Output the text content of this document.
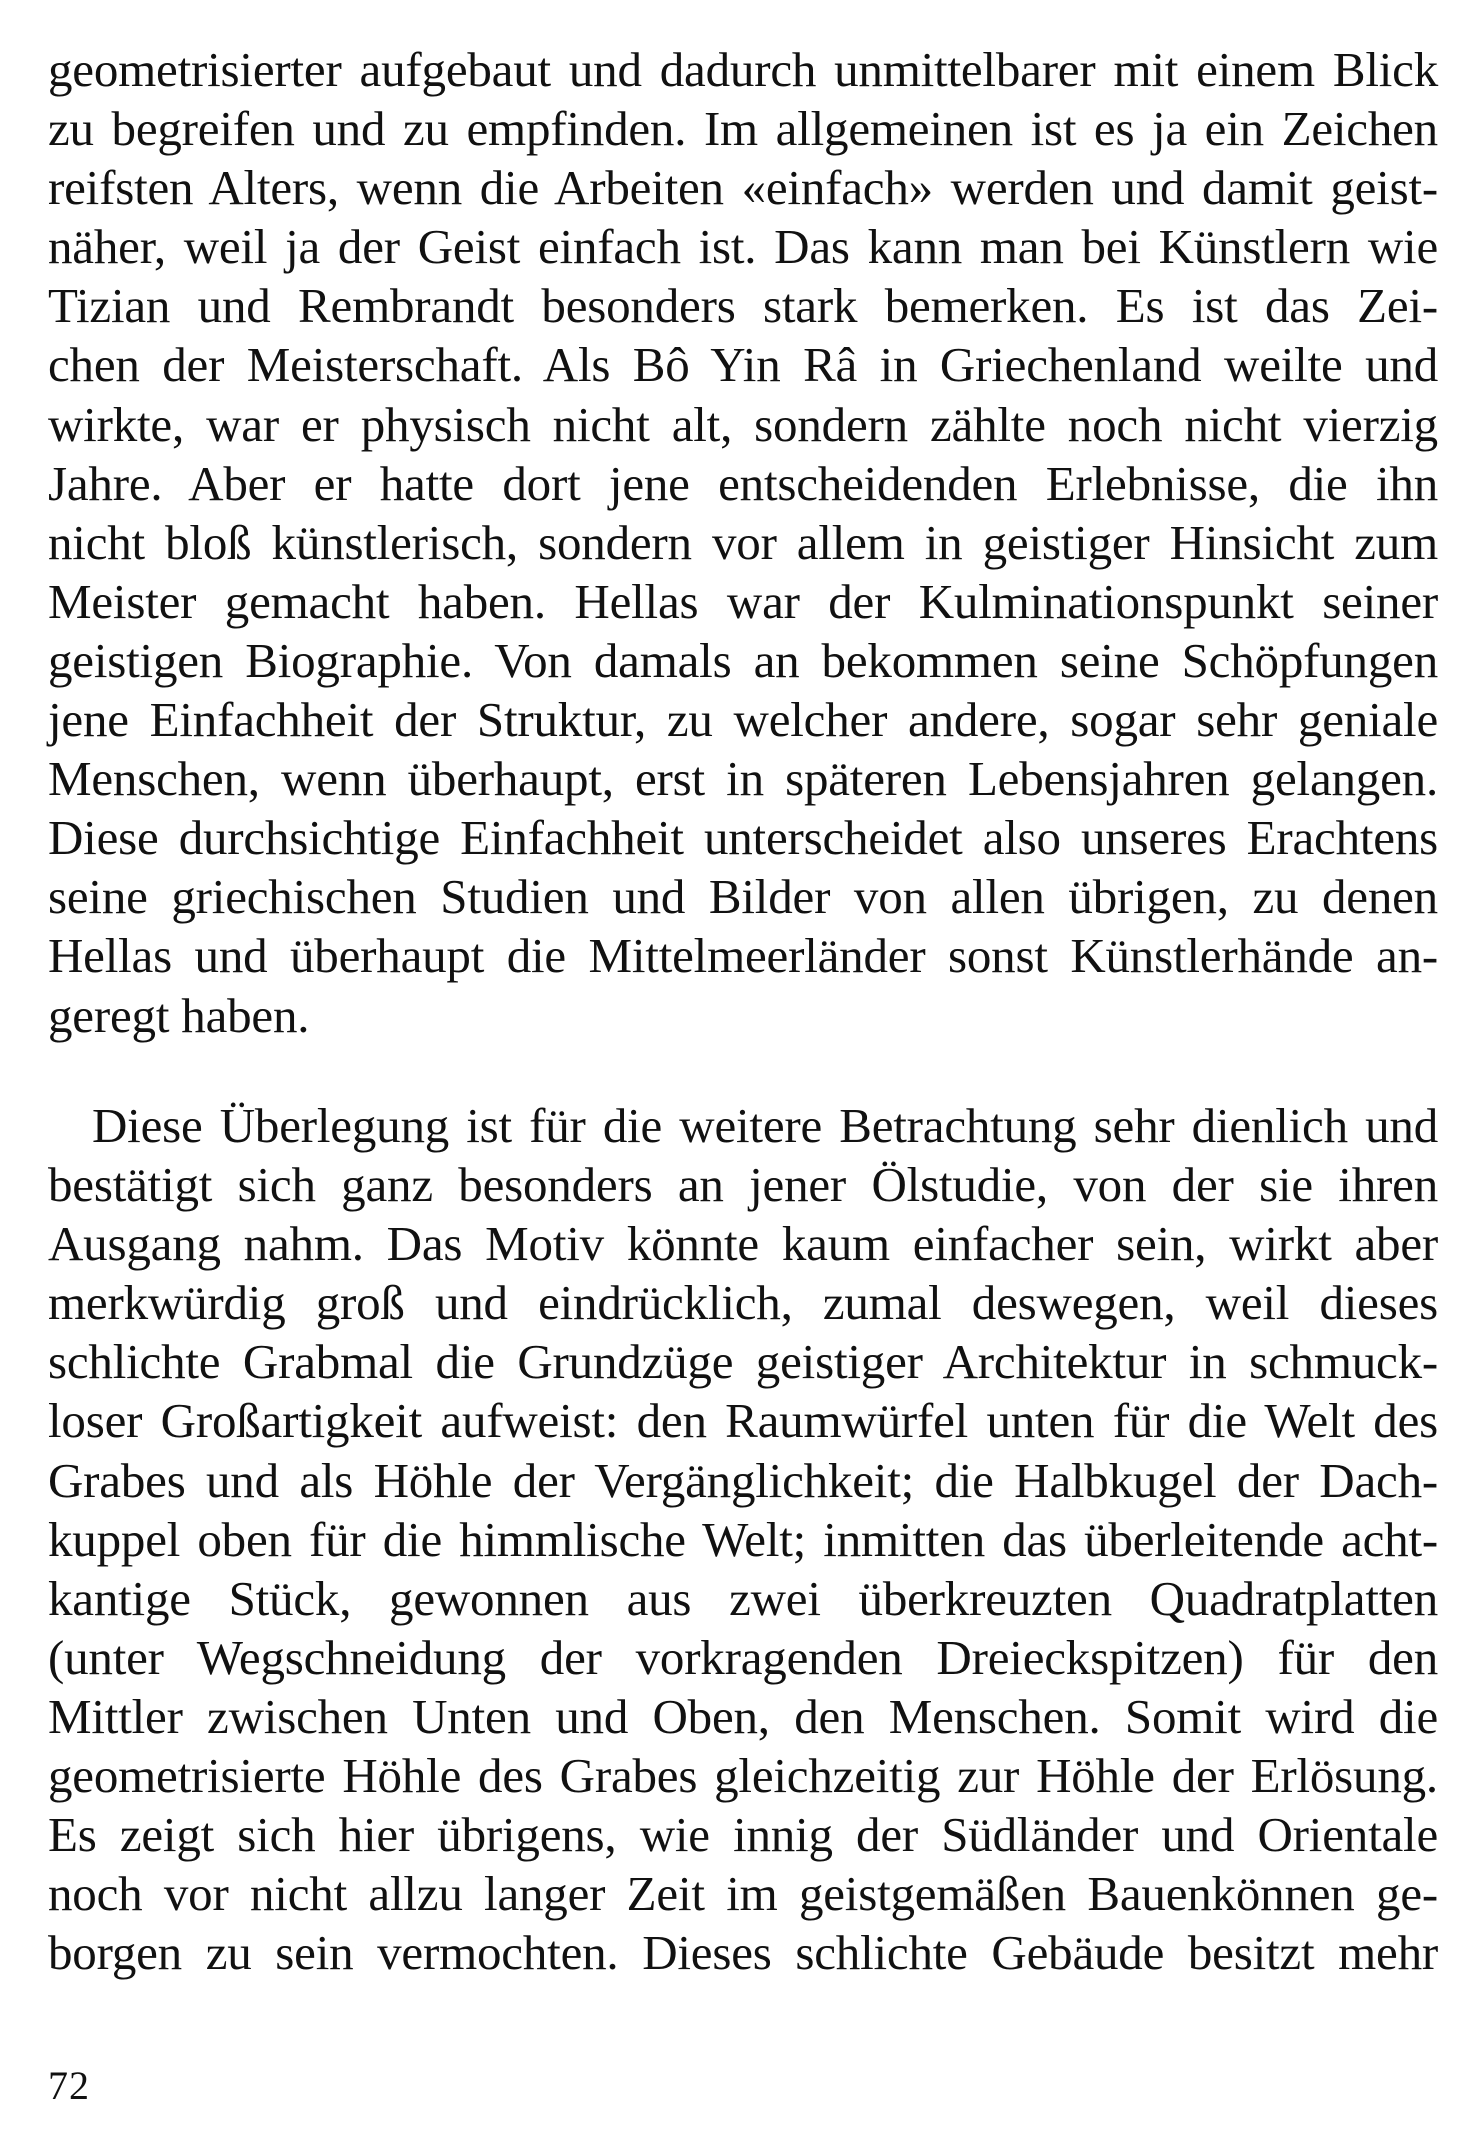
geometrisierter aufgebaut und dadurch unmittelbarer mit einem Blick
zu begreifen und zu empfinden. Im allgemeinen ist es ja ein Zeichen
reifsten Alters, wenn die Arbeiten «einfach» werden und damit geist-
näher, weil ja der Geist einfach ist. Das kann man bei Künstlern wie
Tizian und Rembrandt besonders stark bemerken. Es ist das Zei-
chen der Meisterschaft. Als Bô Yin Râ in Griechenland weilte und
wirkte, war er physisch nicht alt, sondern zählte noch nicht vierzig
Jahre. Aber er hatte dort jene entscheidenden Erlebnisse, die ihn
nicht bloß künstlerisch, sondern vor allem in geistiger Hinsicht zum
Meister gemacht haben. Hellas war der Kulminationspunkt seiner
geistigen Biographie. Von damals an bekommen seine Schöpfungen
jene Einfachheit der Struktur, zu welcher andere, sogar sehr geniale
Menschen, wenn überhaupt, erst in späteren Lebensjahren gelangen.
Diese durchsichtige Einfachheit unterscheidet also unseres Erachtens
seine griechischen Studien und Bilder von allen übrigen, zu denen
Hellas und überhaupt die Mittelmeerländer sonst Künstlerhände an-
geregt haben.
Diese Überlegung ist für die weitere Betrachtung sehr dienlich und
bestätigt sich ganz besonders an jener Ölstudie, von der sie ihren
Ausgang nahm. Das Motiv könnte kaum einfacher sein, wirkt aber
merkwürdig groß und eindrücklich, zumal deswegen, weil dieses
schlichte Grabmal die Grundzüge geistiger Architektur in schmuck-
loser Großartigkeit aufweist: den Raumwürfel unten für die Welt des
Grabes und als Höhle der Vergänglichkeit; die Halbkugel der Dach-
kuppel oben für die himmlische Welt; inmitten das überleitende acht-
kantige Stück, gewonnen aus zwei überkreuzten Quadratplatten
(unter Wegschneidung der vorkragenden Dreieckspitzen) für den
Mittler zwischen Unten und Oben, den Menschen. Somit wird die
geometrisierte Höhle des Grabes gleichzeitig zur Höhle der Erlösung.
Es zeigt sich hier übrigens, wie innig der Südländer und Orientale
noch vor nicht allzu langer Zeit im geistgemäßen Bauenkönnen ge-
borgen zu sein vermochten. Dieses schlichte Gebäude besitzt mehr
72
